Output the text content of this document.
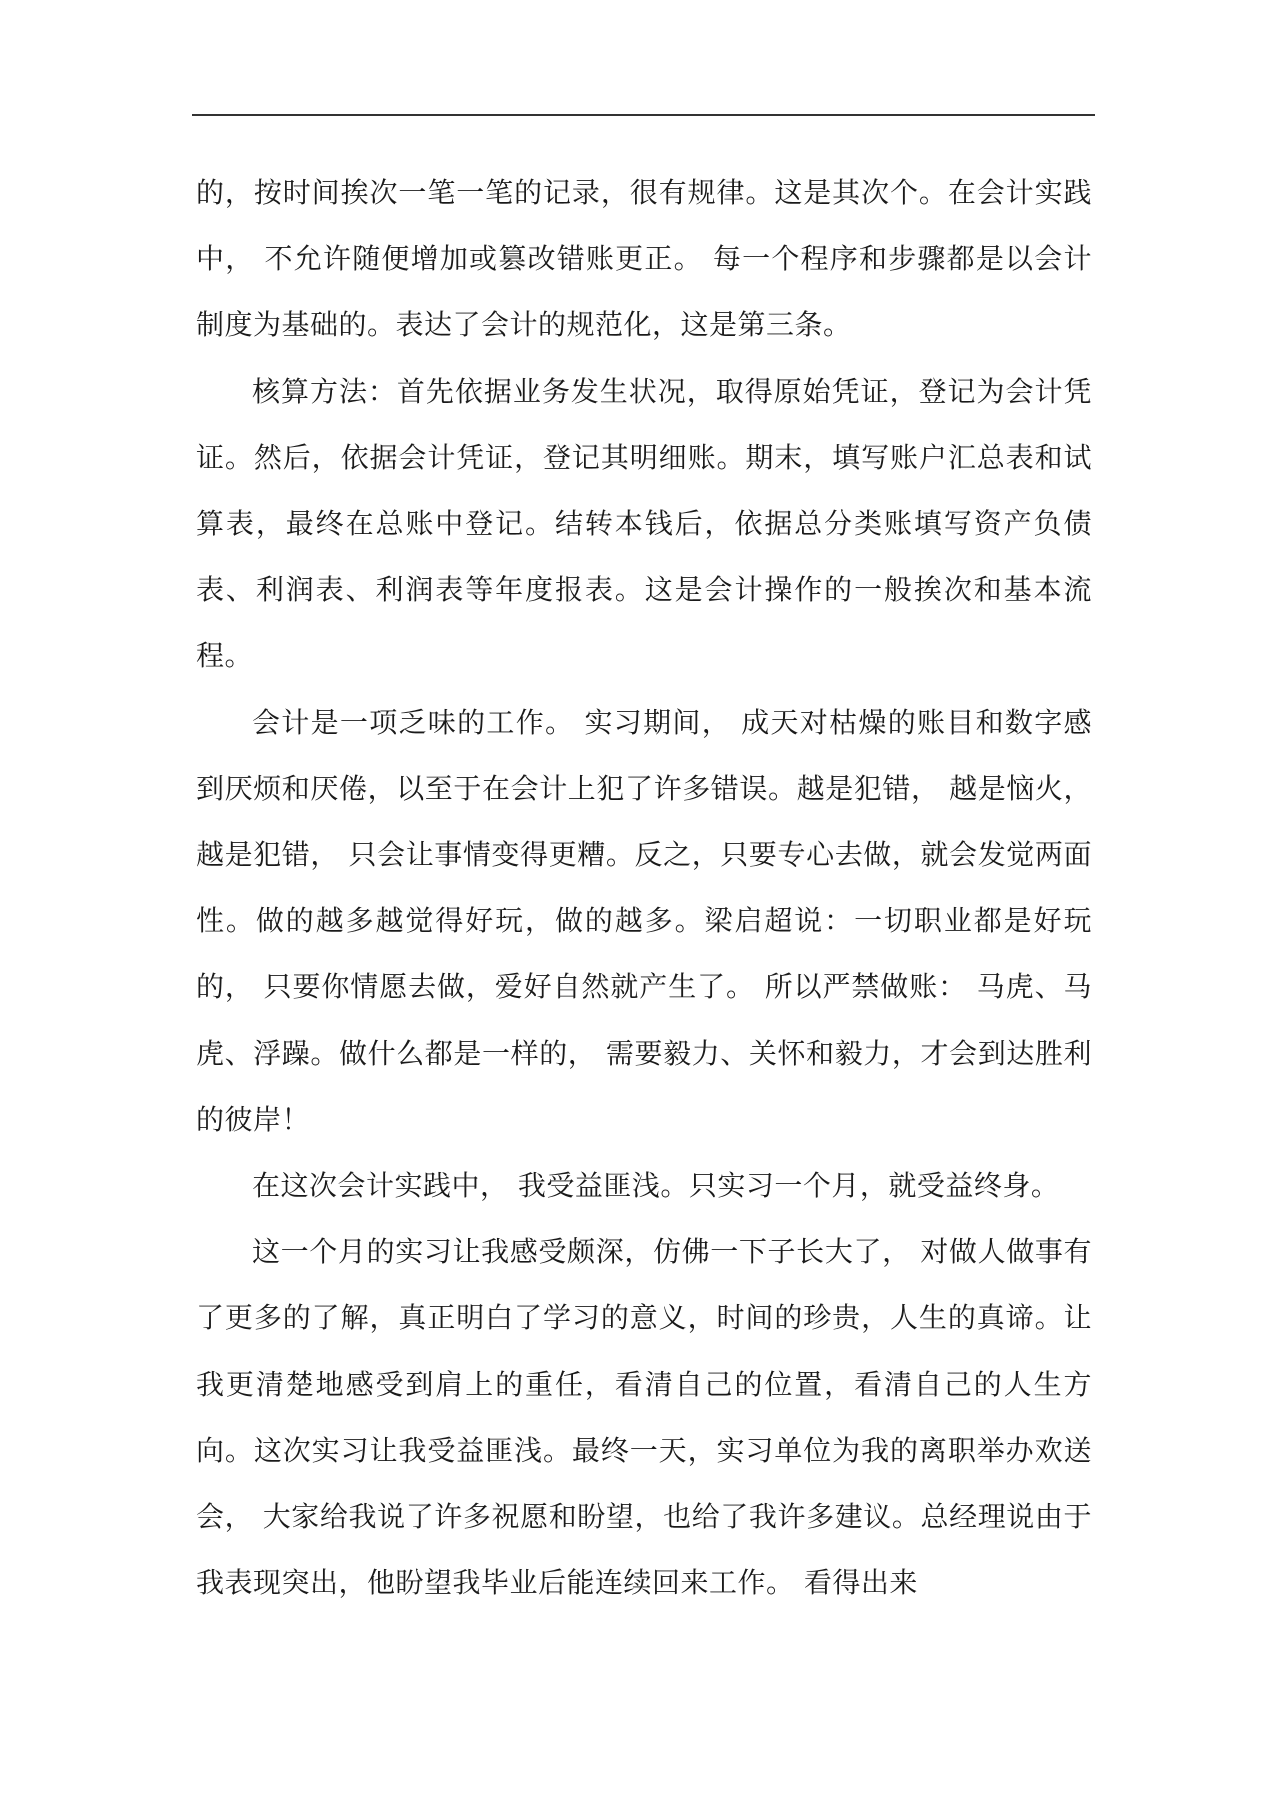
的，按时间挨次一笔一笔的记录，很有规律。这是其次个。在会计实践中， 不允许随便增加或篡改错账更正。 每一个程序和步骤都是以会计制度为基础的。表达了会计的规范化，这是第三条。

核算方法：首先依据业务发生状况，取得原始凭证，登记为会计凭证。然后，依据会计凭证，登记其明细账。期末，填写账户汇总表和试算表，最终在总账中登记。结转本钱后，依据总分类账填写资产负债表、利润表、利润表等年度报表。这是会计操作的一般挨次和基本流程。

会计是一项乏味的工作。 实习期间， 成天对枯燥的账目和数字感到厌烦和厌倦，以至于在会计上犯了许多错误。越是犯错， 越是恼火，越是犯错， 只会让事情变得更糟。反之，只要专心去做，就会发觉两面性。做的越多越觉得好玩，做的越多。梁启超说：一切职业都是好玩的， 只要你情愿去做，爱好自然就产生了。 所以严禁做账： 马虎、马虎、浮躁。做什么都是一样的， 需要毅力、关怀和毅力，才会到达胜利的彼岸！

在这次会计实践中， 我受益匪浅。只实习一个月，就受益终身。

这一个月的实习让我感受颇深，仿佛一下子长大了， 对做人做事有了更多的了解，真正明白了学习的意义，时间的珍贵，人生的真谛。让我更清楚地感受到肩上的重任，看清自己的位置，看清自己的人生方向。这次实习让我受益匪浅。最终一天，实习单位为我的离职举办欢送会， 大家给我说了许多祝愿和盼望，也给了我许多建议。总经理说由于我表现突出，他盼望我毕业后能连续回来工作。 看得出来
